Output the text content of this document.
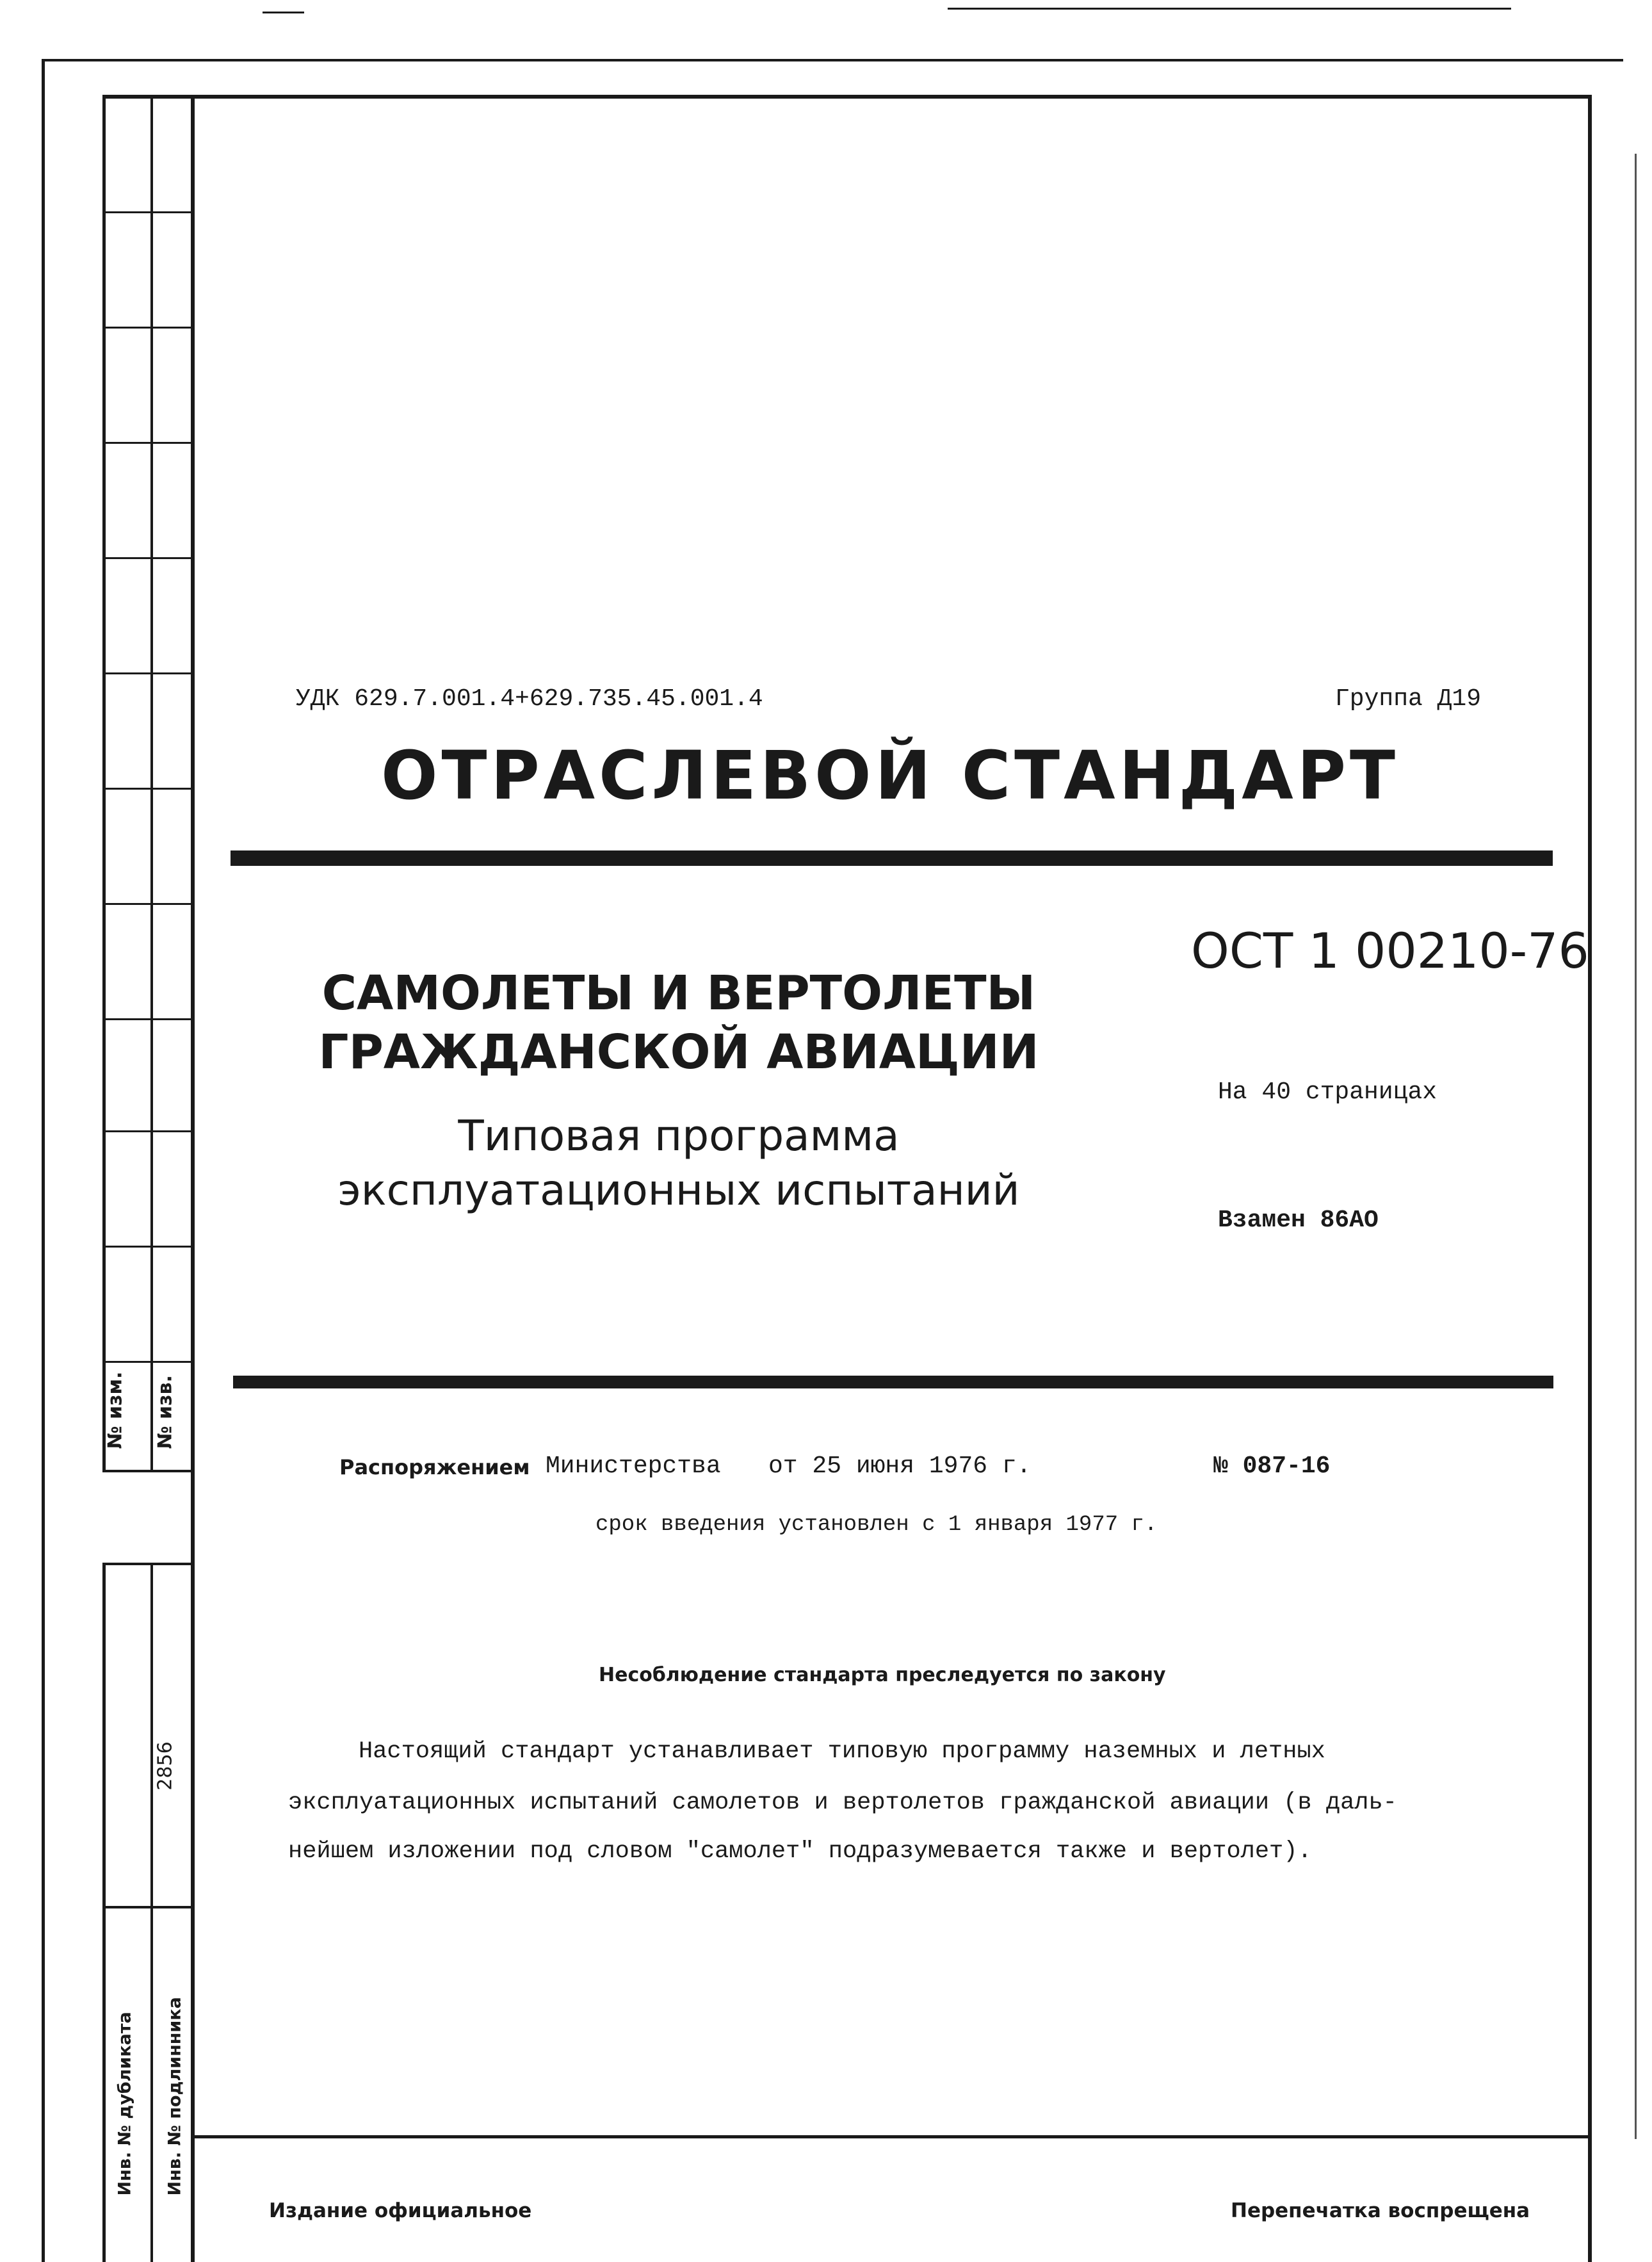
№ изм. № изв.
2856
Инв. № дубликата Инв. № подлинника
УДК 629.7.001.4+629.735.45.001.4	Группа Д19
ОТРАСЛЕВОЙ СТАНДАРТ
САМОЛЕТЫ И ВЕРТОЛЕТЫ
ГРАЖДАНСКОЙ АВИАЦИИ
Типовая программа
эксплуатационных испытаний
ОСТ 1 00210-76
На 40 страницах
Взамен 86АО
Распоряжением Министерства от 25 июня 1976 г.	№ 087-16
срок введения установлен с 1 января 1977 г.
Несоблюдение стандарта преследуется по закону
Настоящий стандарт устанавливает типовую программу наземных и летных
эксплуатационных испытаний самолетов и вертолетов гражданской авиации (в даль-
нейшем изложении под словом "самолет" подразумевается также и вертолет).
Издание официальное	Перепечатка воспрещена
